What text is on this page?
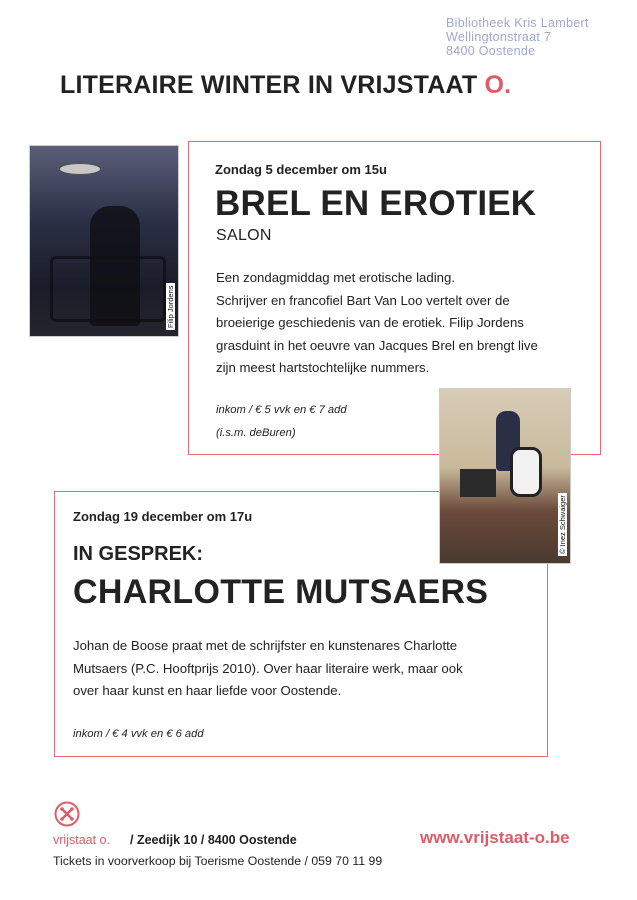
Bibliotheek Kris Lambert
Wellingtonstraat 7
8400 Oostende
LITERAIRE WINTER IN VRIJSTAAT O.
Zondag 5 december om 15u
BREL EN EROTIEK
SALON
Een zondagmiddag met erotische lading.
Schrijver en francofiel Bart Van Loo vertelt over de
broeierige geschiedenis van de erotiek. Filip Jordens
grasduint in het oeuvre van Jacques Brel en brengt live
zijn meest hartstochtelijke nummers.
inkom / € 5 vvk en € 7 add
(i.s.m. deBuren)
Filip Jordens
Zondag 19 december om 17u
IN GESPREK:
CHARLOTTE MUTSAERS
Johan de Boose praat met de schrijfster en kunstenares Charlotte
Mutsaers (P.C. Hooftprijs 2010). Over haar literaire werk, maar ook
over haar kunst en haar liefde voor Oostende.
inkom / € 4 vvk en € 6 add
© Inez Schwaiger
vrijstaat o. / Zeedijk 10 / 8400 Oostende	www.vrijstaat-o.be
Tickets in voorverkoop bij Toerisme Oostende / 059 70 11 99
